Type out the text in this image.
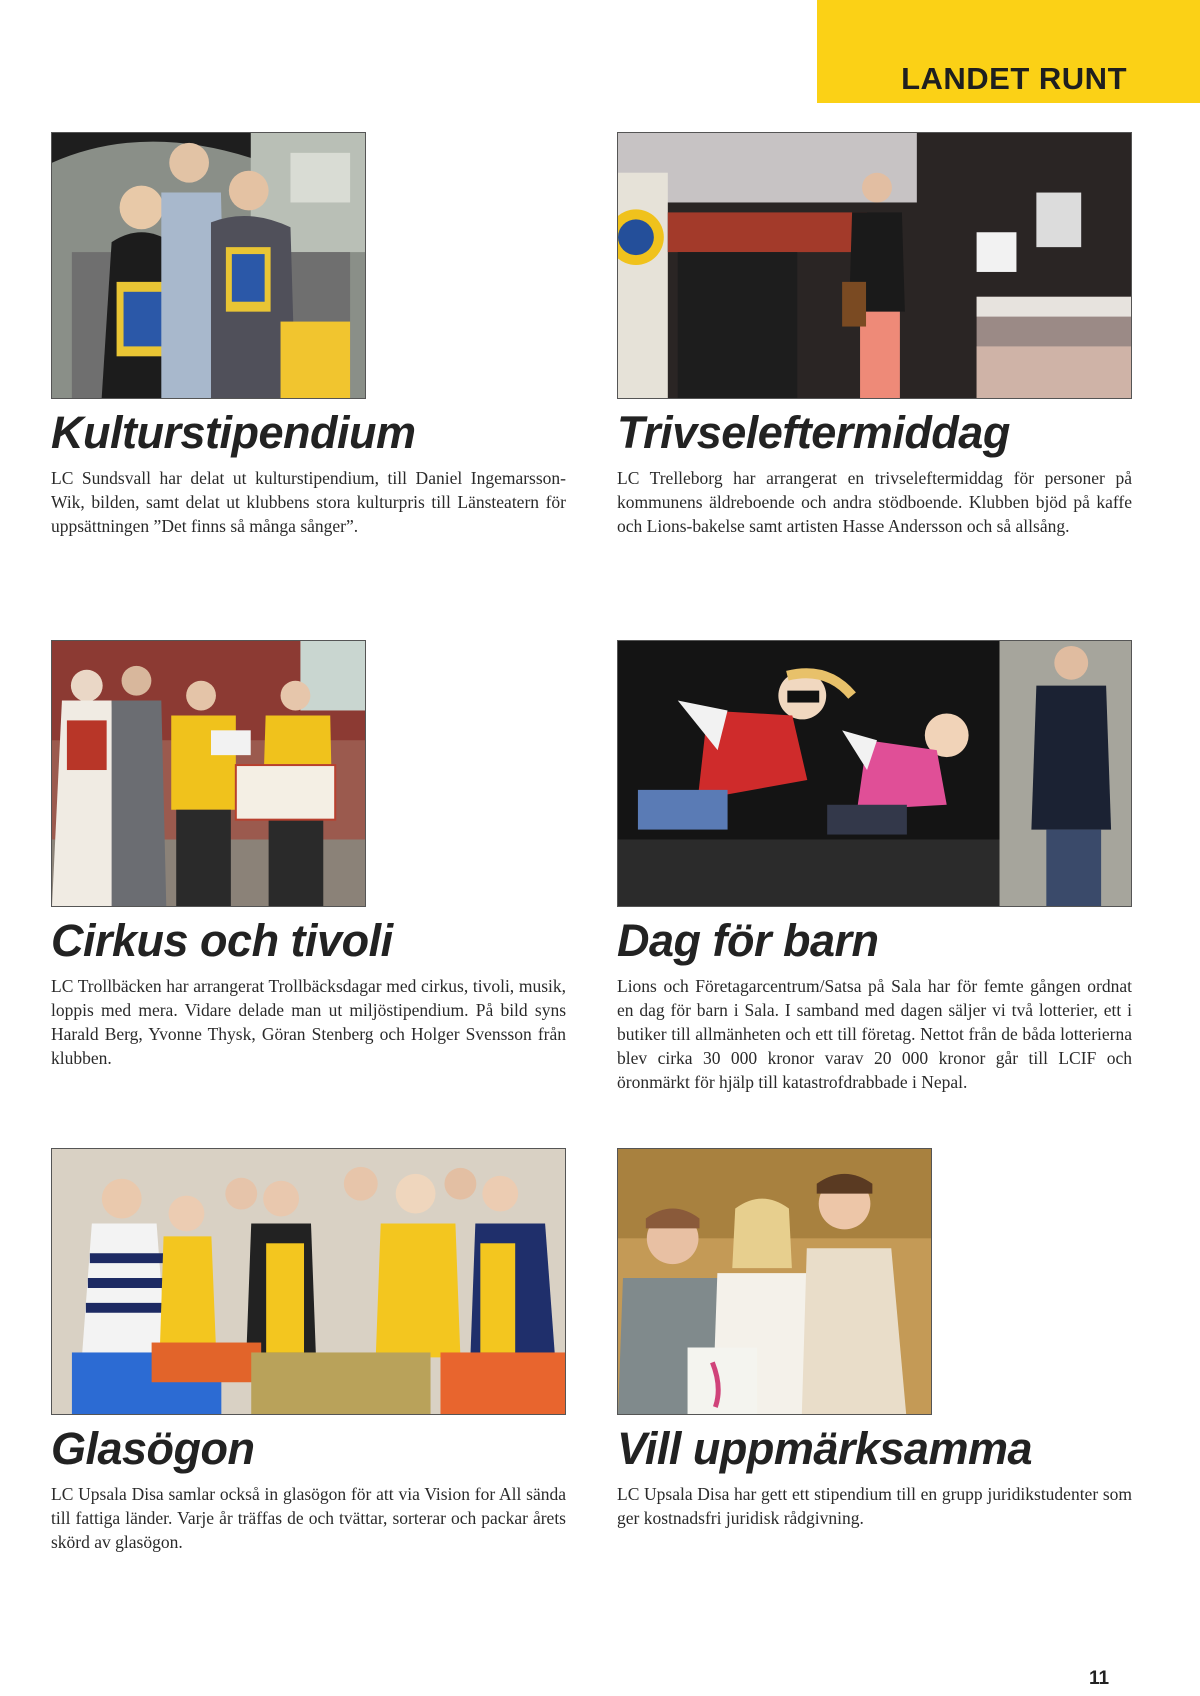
LANDET RUNT
Kulturstipendium

LC Sundsvall har delat ut kulturstipendium, till Daniel Ingemarsson-Wik, bilden, samt delat ut klubbens stora kulturpris till Länsteatern för uppsättningen ”Det finns så många sånger”.

Trivseleftermiddag

LC Trelleborg har arrangerat en trivseleftermiddag för personer på kommunens äldreboende och andra stödboende. Klubben bjöd på kaffe och Lions-bakelse samt artisten Hasse Andersson och så allsång.

Cirkus och tivoli

LC Trollbäcken har arrangerat Trollbäcksdagar med cirkus, tivoli, musik, loppis med mera. Vidare delade man ut miljöstipendium. På bild syns Harald Berg, Yvonne Thysk, Göran Stenberg och Holger Svensson från klubben.

Dag för barn

Lions och Företagarcentrum/Satsa på Sala har för femte gången ordnat en dag för barn i Sala. I samband med dagen säljer vi två lotterier, ett i butiker till allmänheten och ett till företag. Nettot från de båda lotterierna blev cirka 30 000 kronor varav 20 000 kronor går till LCIF och öronmärkt för hjälp till katastrofdrabbade i Nepal.

Glasögon

LC Upsala Disa samlar också in glasögon för att via Vision for All sända till fattiga länder. Varje år träffas de och tvättar, sorterar och packar årets skörd av glasögon.

Vill uppmärksamma

LC Upsala Disa har gett ett stipendium till en grupp juridikstudenter som ger kostnadsfri juridisk rådgivning.

11
